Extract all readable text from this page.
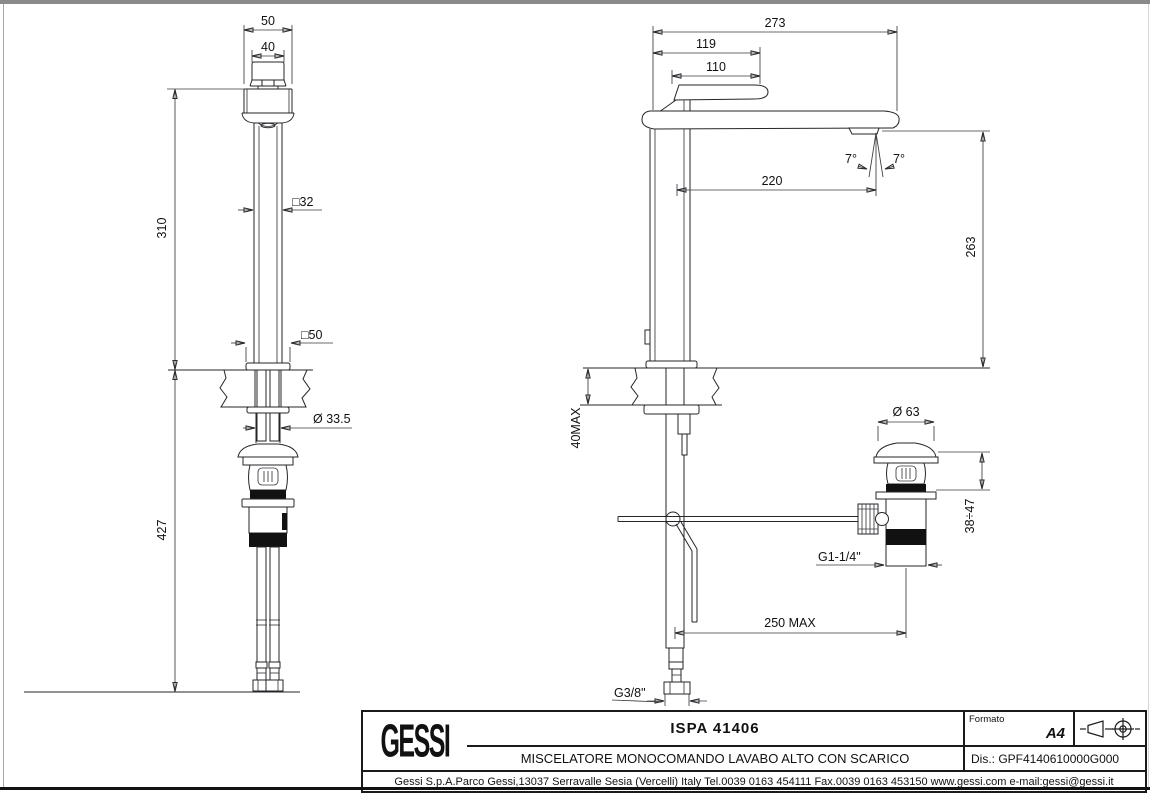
50
40
310
□32
□50
Ø 33.5
427
273
119
110
7°	7°
220
263
40MAX	Ø 63
38÷47
G1-1/4"
250 MAX
G3/8"
GESSI	ISPA 41406
MISCELATORE MONOCOMANDO LAVABO ALTO CON SCARICO
Formato
A4
Dis.: GPF4140610000G000
Gessi S.p.A.Parco Gessi,13037 Serravalle Sesia (Vercelli) Italy Tel.0039 0163 454111 Fax.0039 0163 453150 www.gessi.com e-mail:gessi@gessi.it
